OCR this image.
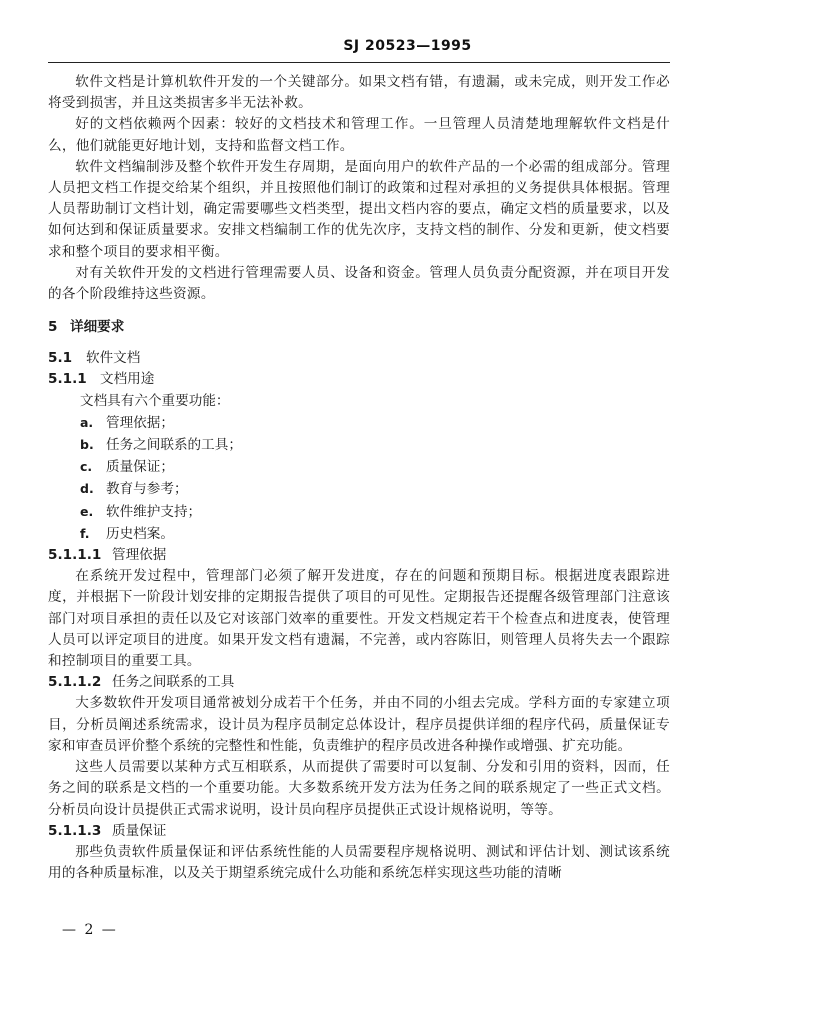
SJ 20523—1995

软件文档是计算机软件开发的一个关键部分。如果文档有错，有遗漏，或未完成，则开发工作必将受到损害，并且这类损害多半无法补救。

好的文档依赖两个因素：较好的文档技术和管理工作。一旦管理人员清楚地理解软件文档是什么，他们就能更好地计划，支持和监督文档工作。

软件文档编制涉及整个软件开发生存周期，是面向用户的软件产品的一个必需的组成部分。管理人员把文档工作提交给某个组织，并且按照他们制订的政策和过程对承担的义务提供具体根据。管理人员帮助制订文档计划，确定需要哪些文档类型，提出文档内容的要点，确定文档的质量要求，以及如何达到和保证质量要求。安排文档编制工作的优先次序，支持文档的制作、分发和更新，使文档要求和整个项目的要求相平衡。

对有关软件开发的文档进行管理需要人员、设备和资金。管理人员负责分配资源，并在项目开发的各个阶段维持这些资源。

5 详细要求

5.1 软件文档

5.1.1 文档用途

文档具有六个重要功能：

a. 管理依据；

b. 任务之间联系的工具；

c. 质量保证；

d. 教育与参考；

e. 软件维护支持；

f. 历史档案。

5.1.1.1 管理依据

在系统开发过程中，管理部门必须了解开发进度，存在的问题和预期目标。根据进度表跟踪进度，并根据下一阶段计划安排的定期报告提供了项目的可见性。定期报告还提醒各级管理部门注意该部门对项目承担的责任以及它对该部门效率的重要性。开发文档规定若干个检查点和进度表，使管理人员可以评定项目的进度。如果开发文档有遗漏，不完善，或内容陈旧，则管理人员将失去一个跟踪和控制项目的重要工具。

5.1.1.2 任务之间联系的工具

大多数软件开发项目通常被划分成若干个任务，并由不同的小组去完成。学科方面的专家建立项目，分析员阐述系统需求，设计员为程序员制定总体设计，程序员提供详细的程序代码，质量保证专家和审查员评价整个系统的完整性和性能，负责维护的程序员改进各种操作或增强、扩充功能。

这些人员需要以某种方式互相联系，从而提供了需要时可以复制、分发和引用的资料，因而，任务之间的联系是文档的一个重要功能。大多数系统开发方法为任务之间的联系规定了一些正式文档。分析员向设计员提供正式需求说明，设计员向程序员提供正式设计规格说明，等等。

5.1.1.3 质量保证

那些负责软件质量保证和评估系统性能的人员需要程序规格说明、测试和评估计划、测试该系统用的各种质量标准，以及关于期望系统完成什么功能和系统怎样实现这些功能的清晰

— 2 —
